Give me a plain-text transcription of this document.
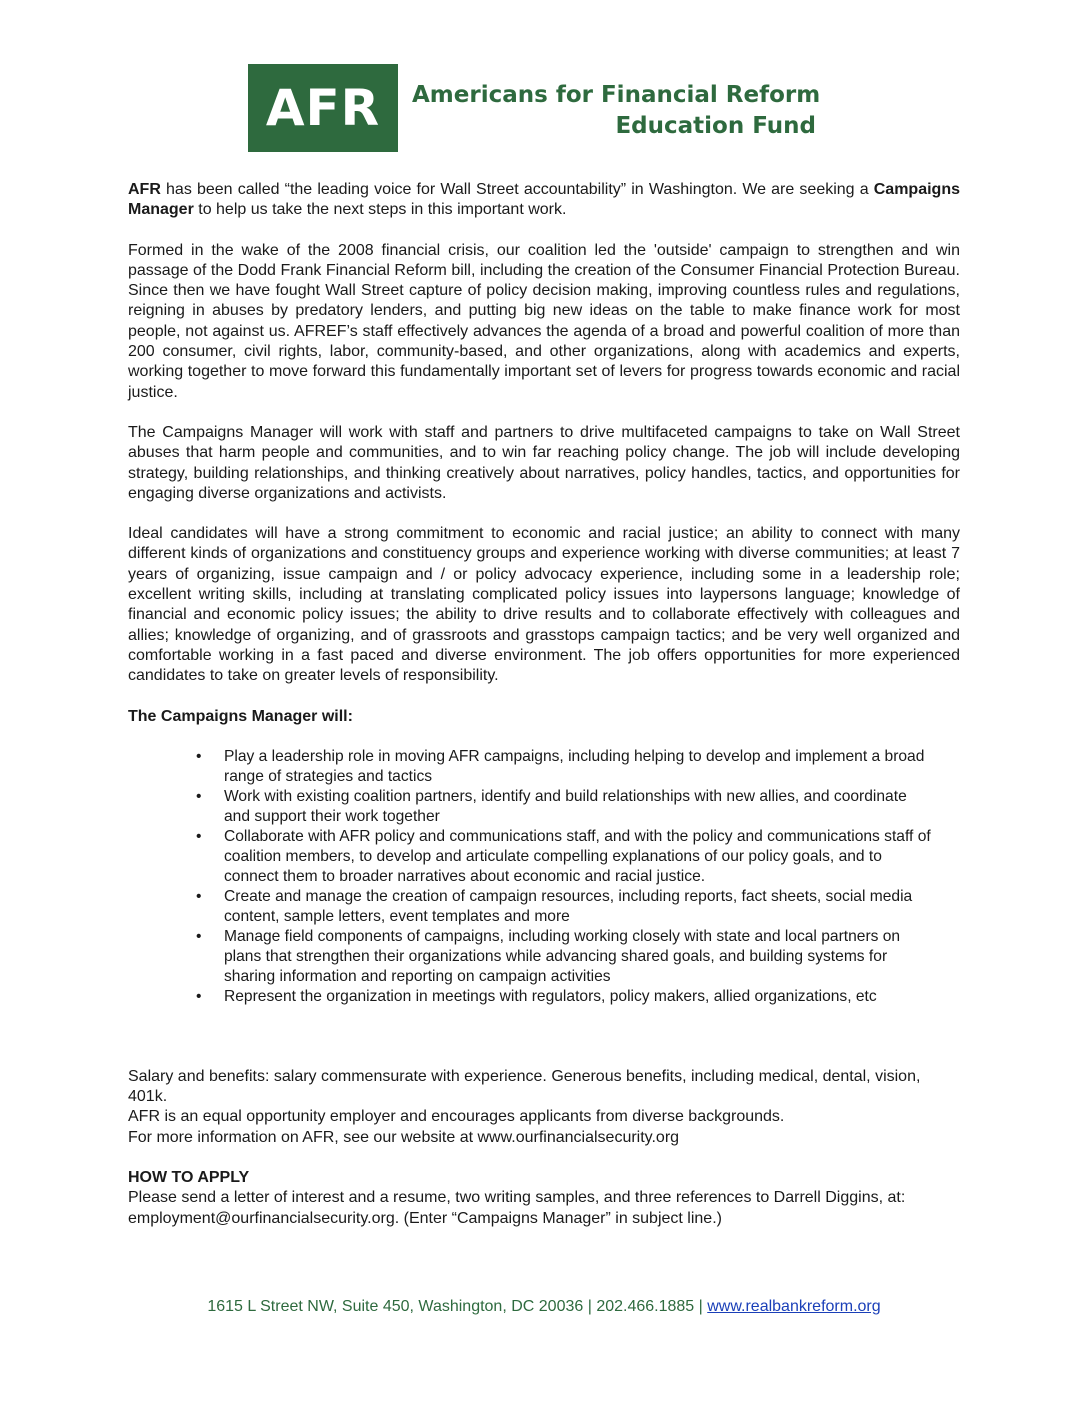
AFR Americans for Financial Reform
Education Fund

AFR has been called “the leading voice for Wall Street accountability” in Washington. We are seeking a Campaigns Manager to help us take the next steps in this important work.

Formed in the wake of the 2008 financial crisis, our coalition led the 'outside' campaign to strengthen and win passage of the Dodd Frank Financial Reform bill, including the creation of the Consumer Financial Protection Bureau. Since then we have fought Wall Street capture of policy decision making, improving countless rules and regulations, reigning in abuses by predatory lenders, and putting big new ideas on the table to make finance work for most people, not against us. AFREF’s staff effectively advances the agenda of a broad and powerful coalition of more than 200 consumer, civil rights, labor, community-based, and other organizations, along with academics and experts, working together to move forward this fundamentally important set of levers for progress towards economic and racial justice.

The Campaigns Manager will work with staff and partners to drive multifaceted campaigns to take on Wall Street abuses that harm people and communities, and to win far reaching policy change. The job will include developing strategy, building relationships, and thinking creatively about narratives, policy handles, tactics, and opportunities for engaging diverse organizations and activists.

Ideal candidates will have a strong commitment to economic and racial justice; an ability to connect with many different kinds of organizations and constituency groups and experience working with diverse communities; at least 7 years of organizing, issue campaign and / or policy advocacy experience, including some in a leadership role; excellent writing skills, including at translating complicated policy issues into laypersons language; knowledge of financial and economic policy issues; the ability to drive results and to collaborate effectively with colleagues and allies; knowledge of organizing, and of grassroots and grasstops campaign tactics; and be very well organized and comfortable working in a fast paced and diverse environment. The job offers opportunities for more experienced candidates to take on greater levels of responsibility.

The Campaigns Manager will:

• Play a leadership role in moving AFR campaigns, including helping to develop and implement a broad range of strategies and tactics
• Work with existing coalition partners, identify and build relationships with new allies, and coordinate and support their work together
• Collaborate with AFR policy and communications staff, and with the policy and communications staff of coalition members, to develop and articulate compelling explanations of our policy goals, and to connect them to broader narratives about economic and racial justice.
• Create and manage the creation of campaign resources, including reports, fact sheets, social media content, sample letters, event templates and more
• Manage field components of campaigns, including working closely with state and local partners on plans that strengthen their organizations while advancing shared goals, and building systems for sharing information and reporting on campaign activities
• Represent the organization in meetings with regulators, policy makers, allied organizations, etc

Salary and benefits: salary commensurate with experience. Generous benefits, including medical, dental, vision, 401k.

AFR is an equal opportunity employer and encourages applicants from diverse backgrounds.

For more information on AFR, see our website at www.ourfinancialsecurity.org

HOW TO APPLY

Please send a letter of interest and a resume, two writing samples, and three references to Darrell Diggins, at: employment@ourfinancialsecurity.org. (Enter “Campaigns Manager” in subject line.)

1615 L Street NW, Suite 450, Washington, DC 20036 | 202.466.1885 | www.realbankreform.org
